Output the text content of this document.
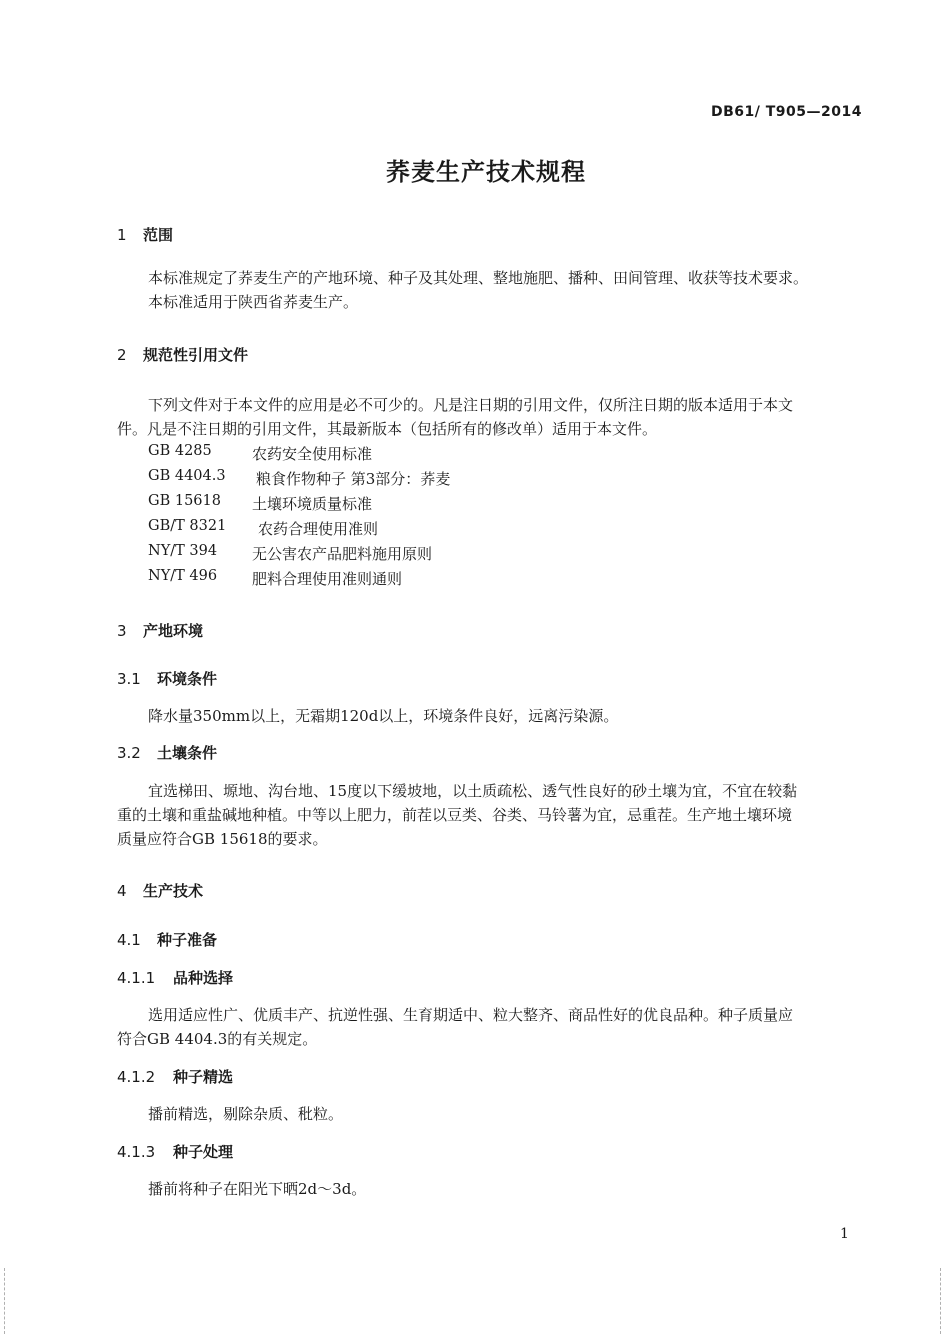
DB61/ T905—2014
荞麦生产技术规程
1 范围
本标准规定了荞麦生产的产地环境、种子及其处理、整地施肥、播种、田间管理、收获等技术要求。
本标准适用于陕西省荞麦生产。
2 规范性引用文件
下列文件对于本文件的应用是必不可少的。凡是注日期的引用文件，仅所注日期的版本适用于本文
件。凡是不注日期的引用文件，其最新版本（包括所有的修改单）适用于本文件。
GB 4285	农药安全使用标准
GB 4404.3 粮食作物种子 第3部分：荞麦
GB 15618 土壤环境质量标准
GB/T 8321 农药合理使用准则
NY/T 394 无公害农产品肥料施用原则
NY/T 496 肥料合理使用准则通则
3 产地环境
3.1 环境条件
降水量350mm以上，无霜期120d以上，环境条件良好，远离污染源。
3.2 土壤条件
宜选梯田、塬地、沟台地、15度以下缓坡地，以土质疏松、透气性良好的砂土壤为宜，不宜在较黏
重的土壤和重盐碱地种植。中等以上肥力，前茬以豆类、谷类、马铃薯为宜，忌重茬。生产地土壤环境
质量应符合GB 15618的要求。
4 生产技术
4.1 种子准备
4.1.1 品种选择
选用适应性广、优质丰产、抗逆性强、生育期适中、粒大整齐、商品性好的优良品种。种子质量应
符合GB 4404.3的有关规定。
4.1.2 种子精选
播前精选，剔除杂质、秕粒。
4.1.3 种子处理
播前将种子在阳光下晒2d～3d。
1
